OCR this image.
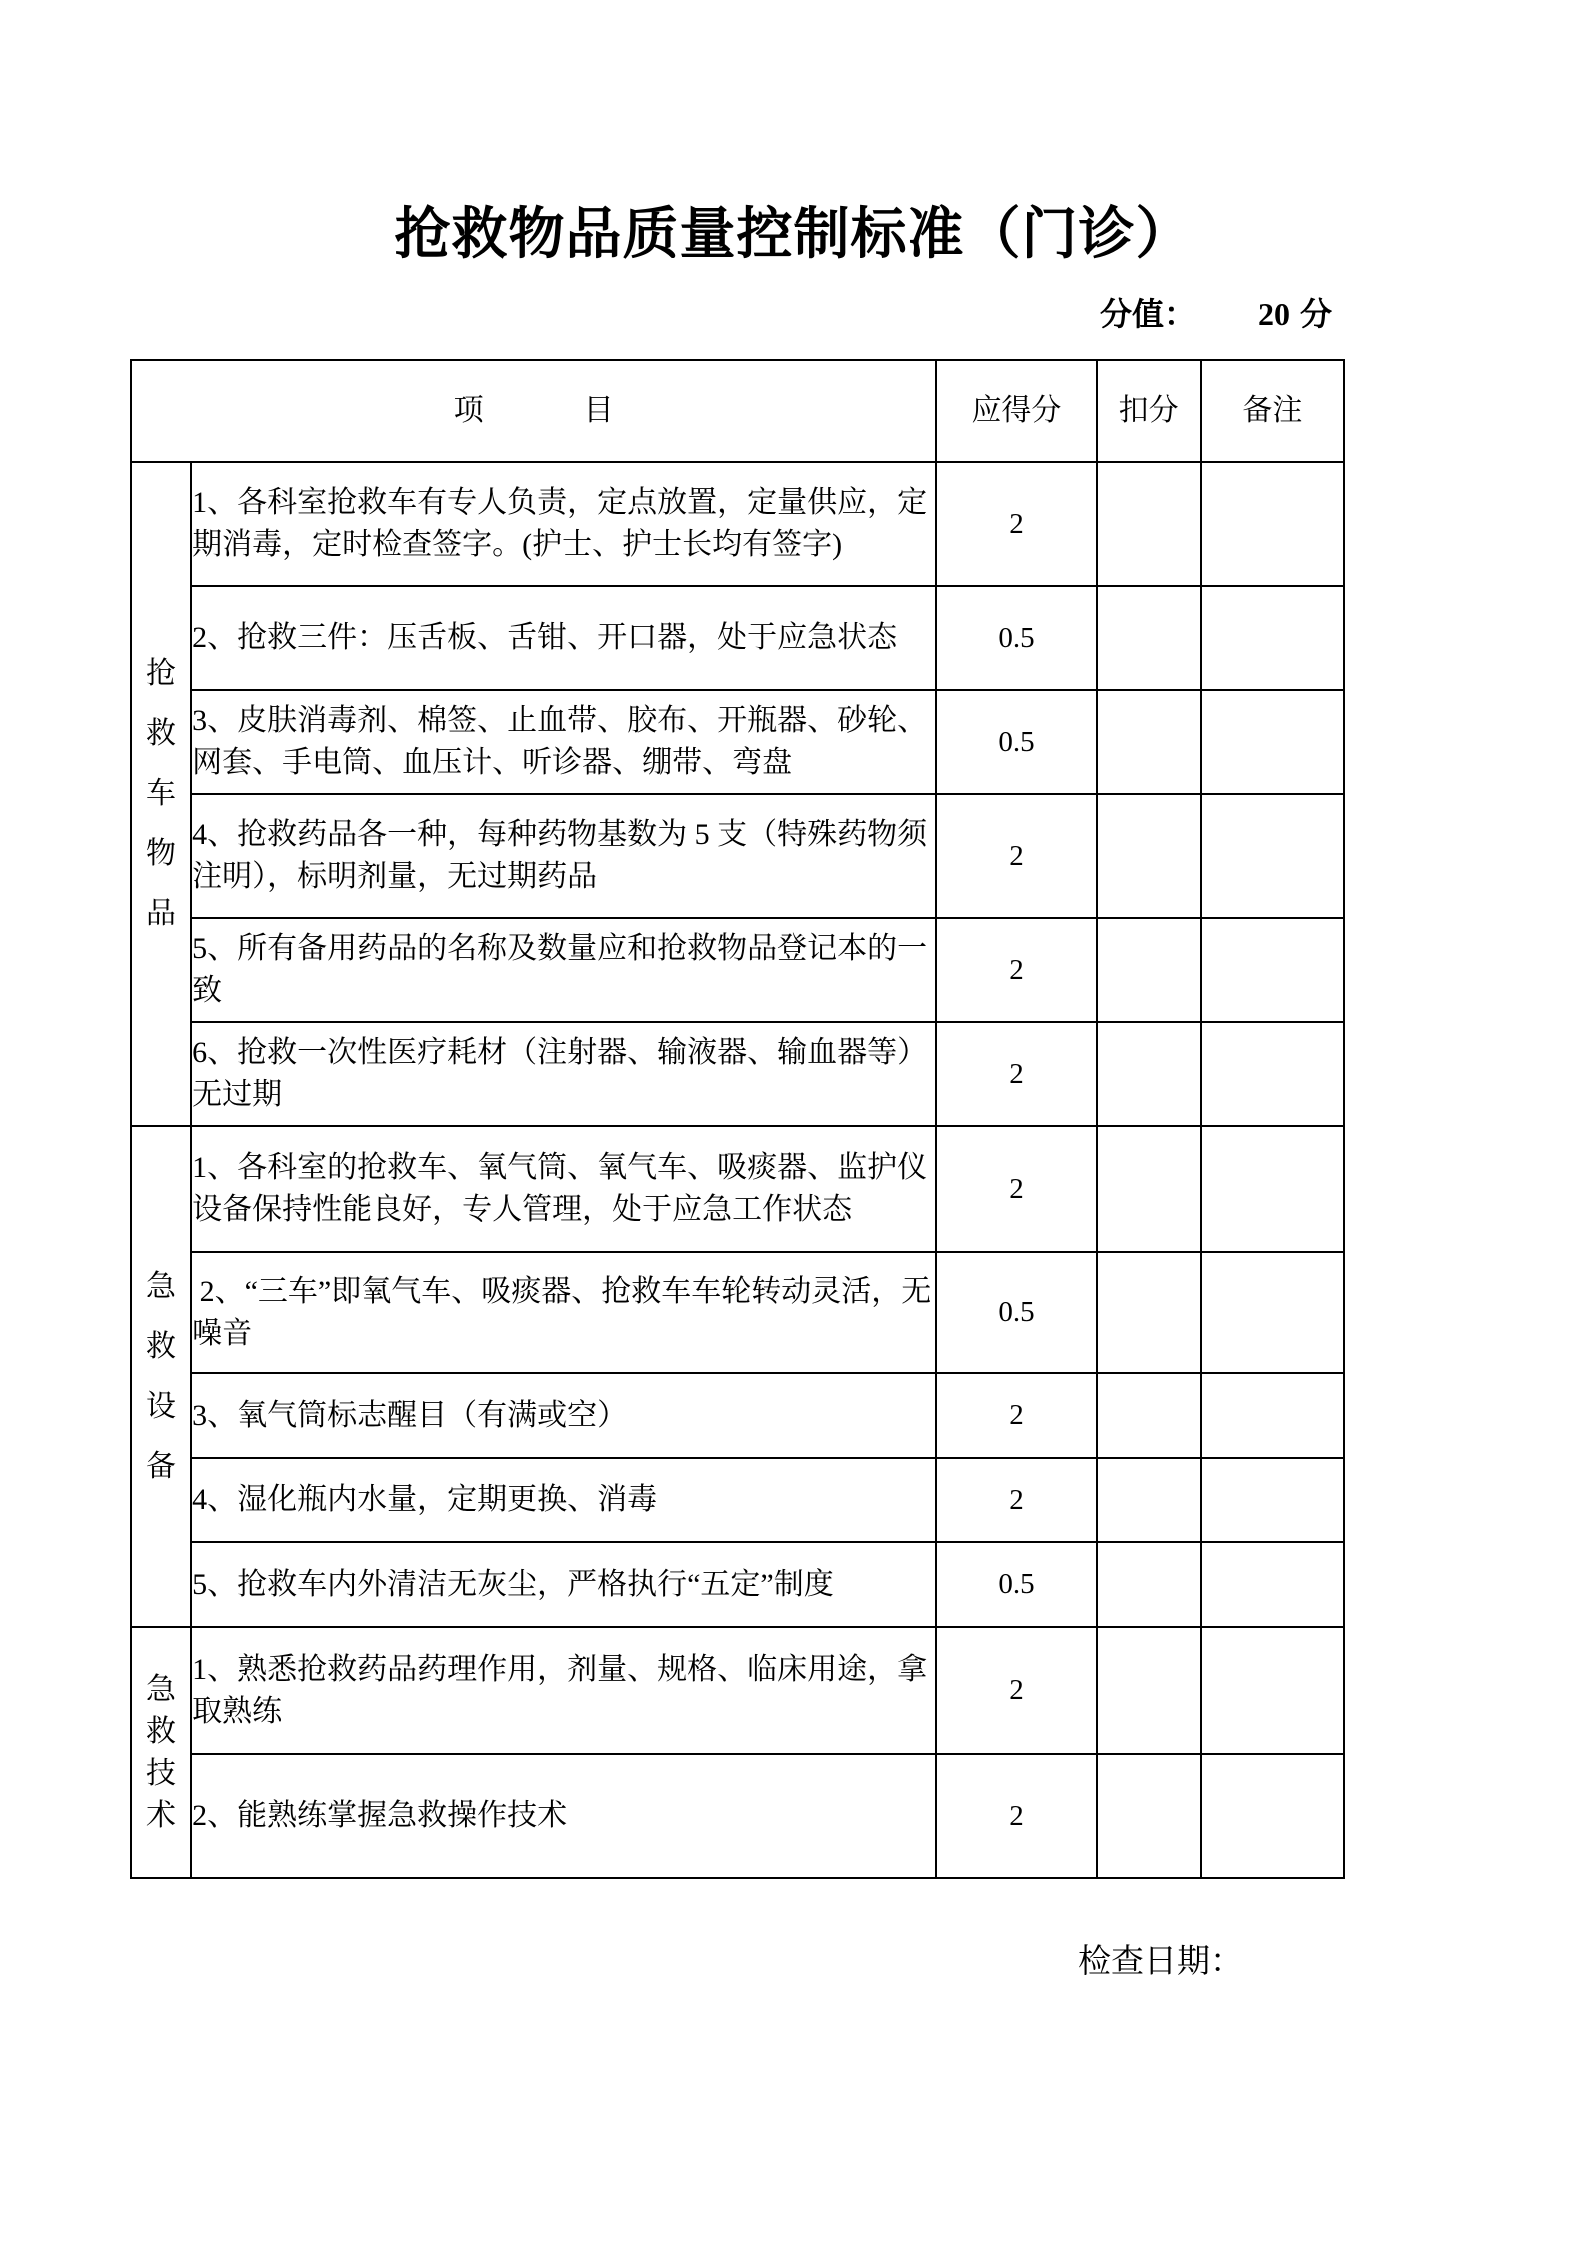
抢救物品质量控制标准（门诊）
分值： 20 分
项 目		应得分	扣分	备注

抢
救
车
物
品	1、各科室抢救车有专人负责，定点放置，定量供应，定期消毒，定时检查签字。(护士、护士长均有签字)	2		
	2、抢救三件：压舌板、舌钳、开口器，处于应急状态	0.5		
	3、皮肤消毒剂、棉签、止血带、胶布、开瓶器、砂轮、网套、手电筒、血压计、听诊器、绷带、弯盘	0.5		
	4、抢救药品各一种，每种药物基数为 5 支（特殊药物须注明），标明剂量，无过期药品	2		
	5、所有备用药品的名称及数量应和抢救物品登记本的一致	2		
	6、抢救一次性医疗耗材（注射器、输液器、输血器等）无过期	2		

急
救
设
备	1、各科室的抢救车、氧气筒、氧气车、吸痰器、监护仪设备保持性能良好，专人管理，处于应急工作状态	2		
	2、“三车”即氧气车、吸痰器、抢救车车轮转动灵活，无噪音	0.5		
	3、氧气筒标志醒目（有满或空）	2		
	4、湿化瓶内水量，定期更换、消毒	2		
	5、抢救车内外清洁无灰尘，严格执行“五定”制度	0.5		

急
救
技
术	1、熟悉抢救药品药理作用，剂量、规格、临床用途，拿取熟练	2		
	2、能熟练掌握急救操作技术	2		
检查日期：
